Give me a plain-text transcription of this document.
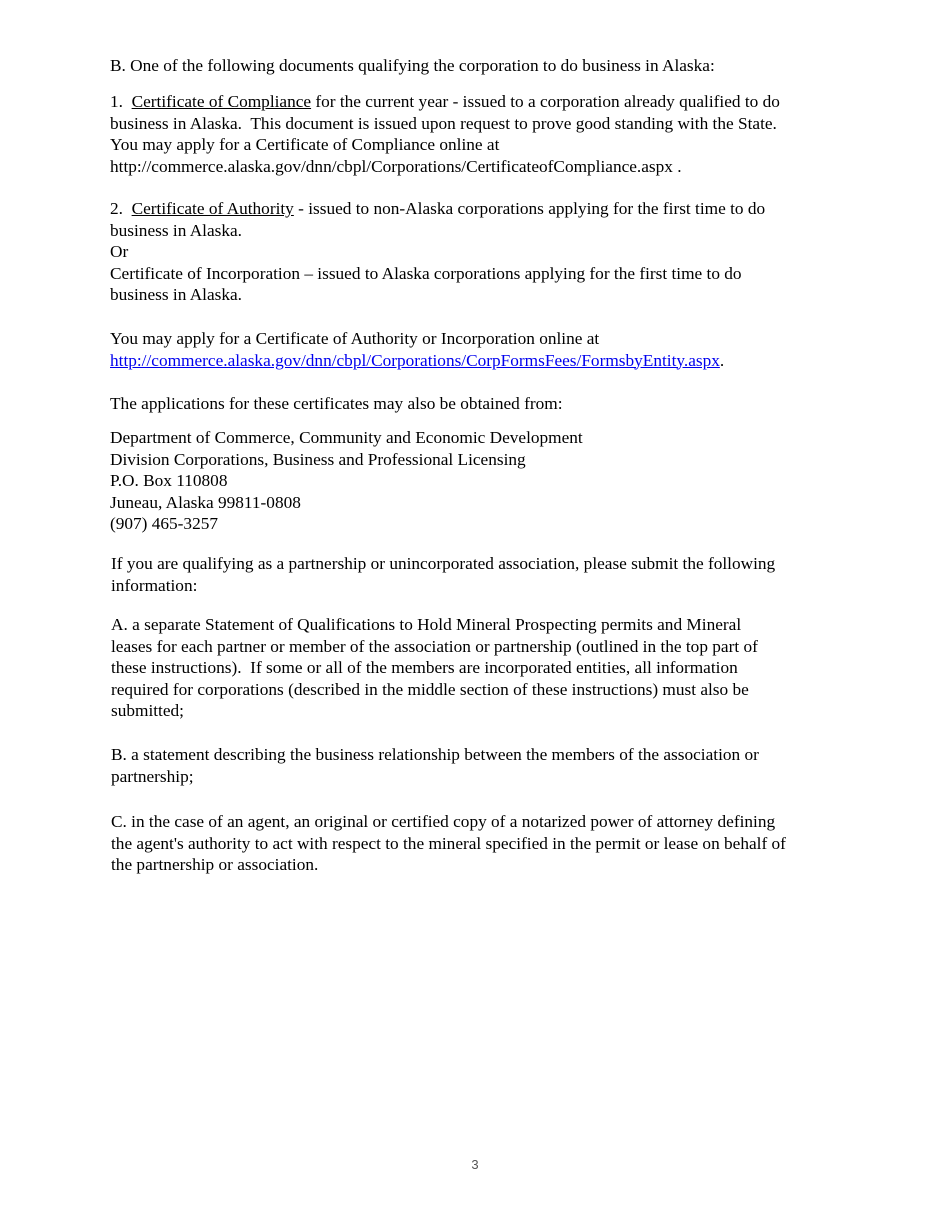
B. One of the following documents qualifying the corporation to do business in Alaska:

1.  Certificate of Compliance for the current year - issued to a corporation already qualified to do
business in Alaska.  This document is issued upon request to prove good standing with the State.
You may apply for a Certificate of Compliance online at
http://commerce.alaska.gov/dnn/cbpl/Corporations/CertificateofCompliance.aspx .

2.  Certificate of Authority - issued to non-Alaska corporations applying for the first time to do
business in Alaska.
Or
Certificate of Incorporation – issued to Alaska corporations applying for the first time to do
business in Alaska.

You may apply for a Certificate of Authority or Incorporation online at
http://commerce.alaska.gov/dnn/cbpl/Corporations/CorpFormsFees/FormsbyEntity.aspx.

The applications for these certificates may also be obtained from:

Department of Commerce, Community and Economic Development
Division Corporations, Business and Professional Licensing
P.O. Box 110808
Juneau, Alaska 99811-0808
(907) 465-3257

If you are qualifying as a partnership or unincorporated association, please submit the following
information:

A. a separate Statement of Qualifications to Hold Mineral Prospecting permits and Mineral
leases for each partner or member of the association or partnership (outlined in the top part of
these instructions).  If some or all of the members are incorporated entities, all information
required for corporations (described in the middle section of these instructions) must also be
submitted;

B. a statement describing the business relationship between the members of the association or
partnership;

C. in the case of an agent, an original or certified copy of a notarized power of attorney defining
the agent's authority to act with respect to the mineral specified in the permit or lease on behalf of
the partnership or association.

3
